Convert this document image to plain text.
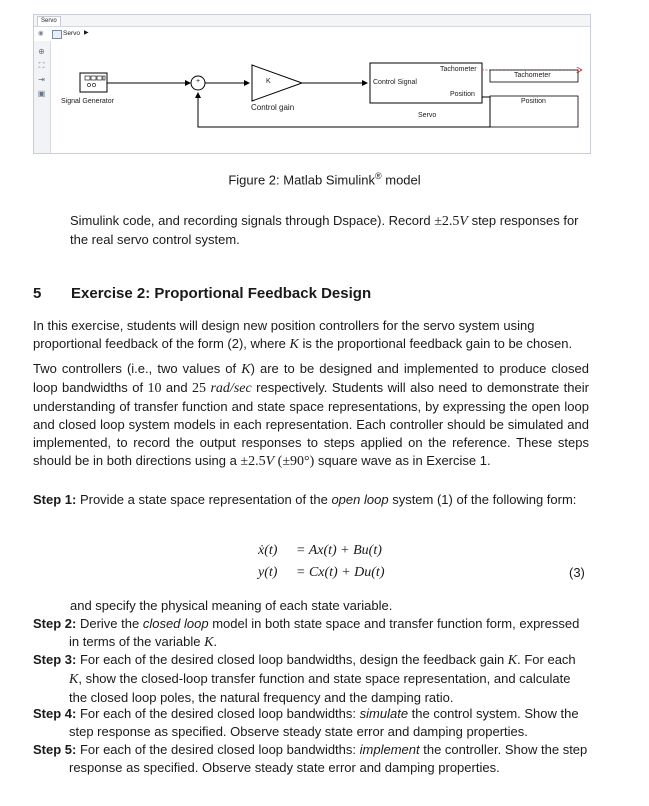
Servo
◉	Servo ▶
⊕
⛶
⇥
▣
Signal Generator
+	K
Control gain
Control Signal
Tachometer
Position
Servo
Tachometer
Position
Figure 2: Matlab Simulink® model

Simulink code, and recording signals through Dspace). Record ±2.5V step responses for the real servo control system.

5 Exercise 2: Proportional Feedback Design

In this exercise, students will design new position controllers for the servo system using proportional feedback of the form (2), where K is the proportional feedback gain to be chosen.

Two controllers (i.e., two values of K) are to be designed and implemented to produce closed loop bandwidths of 10 and 25 rad/sec respectively. Students will also need to demonstrate their understanding of transfer function and state space representations, by expressing the open loop and closed loop system models in each representation. Each controller should be simulated and implemented, to record the output responses to steps applied on the reference. These steps should be in both directions using a ±2.5V (±90°) square wave as in Exercise 1.

Step 1: Provide a state space representation of the open loop system (1) of the following form:

ẋ(t) = Ax(t) + Bu(t)
y(t) = Cx(t) + Du(t)	(3)

and specify the physical meaning of each state variable.

Step 2: Derive the closed loop model in both state space and transfer function form, expressed in terms of the variable K.

Step 3: For each of the desired closed loop bandwidths, design the feedback gain K. For each K, show the closed-loop transfer function and state space representation, and calculate the closed loop poles, the natural frequency and the damping ratio.

Step 4: For each of the desired closed loop bandwidths: simulate the control system. Show the step response as specified. Observe steady state error and damping properties.

Step 5: For each of the desired closed loop bandwidths: implement the controller. Show the step response as specified. Observe steady state error and damping properties.
